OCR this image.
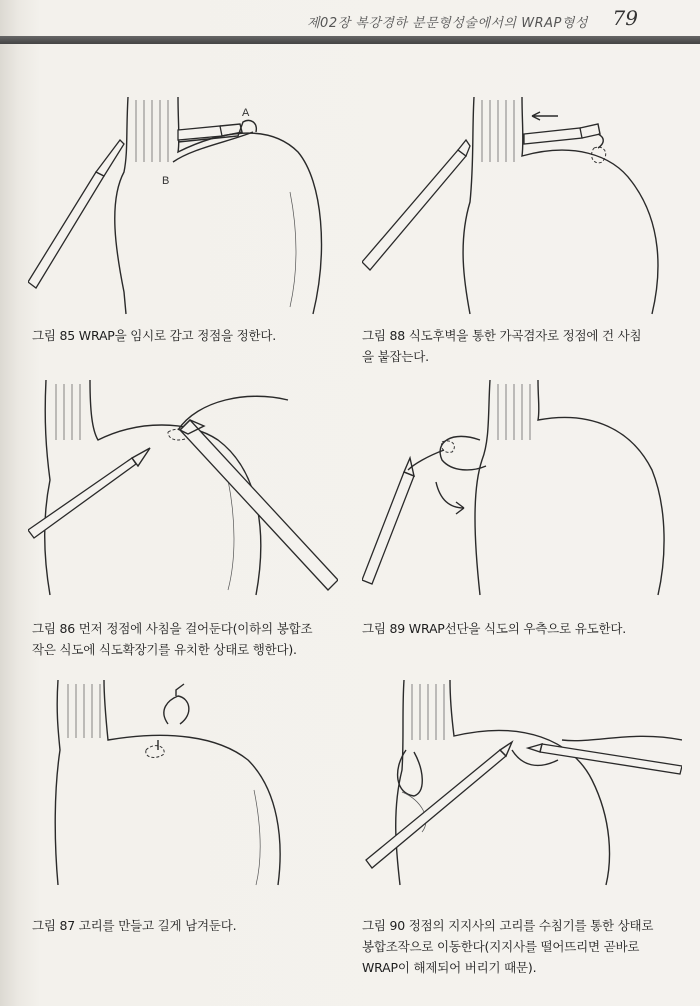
제02장 복강경하 분문형성술에서의 WRAP형성 79
A
B
그림 85 WRAP을 임시로 감고 정점을 정한다.	그림 88 식도후벽을 통한 가곡겸자로 정점에 건 사침
을 붙잡는다.
그림 86 먼저 정점에 사침을 걸어둔다(이하의 봉합조
작은 식도에 식도확장기를 유치한 상태로 행한다).
그림 89 WRAP선단을 식도의 우측으로 유도한다.
그림 87 고리를 만들고 길게 남겨둔다.	그림 90 정점의 지지사의 고리를 수침기를 통한 상태로
봉합조작으로 이동한다(지지사를 떨어뜨리면 곧바로
WRAP이 해제되어 버리기 때문).
